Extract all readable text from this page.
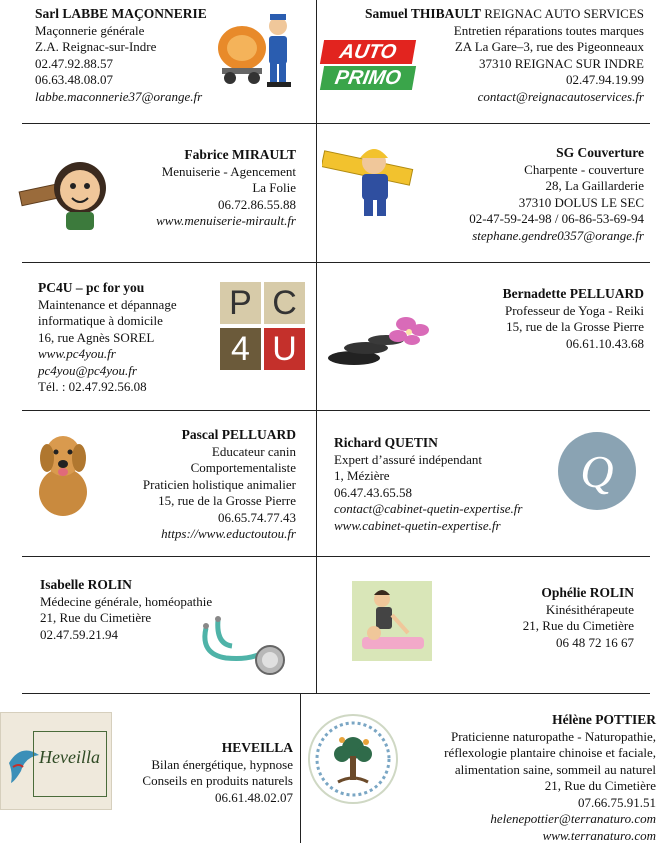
Sarl LABBE MAÇONNERIE
Maçonnerie générale
Z.A. Reignac-sur-Indre
02.47.92.88.57
06.63.48.08.07
labbe.maconnerie37@orange.fr
Samuel THIBAULT REIGNAC AUTO SERVICES
Entretien réparations toutes marques
ZA La Gare–3, rue des Pigeonneaux
37310 REIGNAC SUR INDRE
02.47.94.19.99
contact@reignacautoservices.fr
AUTO
PRIMO
Fabrice MIRAULT
Menuiserie - Agencement
La Folie
06.72.86.55.88
www.menuiserie-mirault.fr
SG Couverture
Charpente - couverture
28, La Gaillarderie
37310 DOLUS LE SEC
02-47-59-24-98 / 06-86-53-69-94
stephane.gendre0357@orange.fr
PC4U – pc for you
Maintenance et dépannage
informatique à domicile
16, rue Agnès SOREL
www.pc4you.fr
pc4you@pc4you.fr
Tél. : 02.47.92.56.08
P C
4 U
Bernadette PELLUARD
Professeur de Yoga - Reiki
15, rue de la Grosse Pierre
06.61.10.43.68
Pascal PELLUARD
Educateur canin
Comportementaliste
Praticien holistique animalier
15, rue de la Grosse Pierre
06.65.74.77.43
https://www.eductoutou.fr
Richard QUETIN
Expert d’assuré indépendant
1, Mézière
06.47.43.65.58
contact@cabinet-quetin-expertise.fr
www.cabinet-quetin-expertise.fr
Q
Isabelle ROLIN
Médecine générale, homéopathie
21, Rue du Cimetière
02.47.59.21.94
Ophélie ROLIN
Kinésithérapeute
21, Rue du Cimetière
06 48 72 16 67
Heveilla	HEVEILLA
Bilan énergétique, hypnose
Conseils en produits naturels
06.61.48.02.07
Hélène POTTIER
Praticienne naturopathe - Naturopathie,
réflexologie plantaire chinoise et faciale,
alimentation saine, sommeil au naturel
21, Rue du Cimetière
07.66.75.91.51
helenepottier@terranaturo.com
www.terranaturo.com
